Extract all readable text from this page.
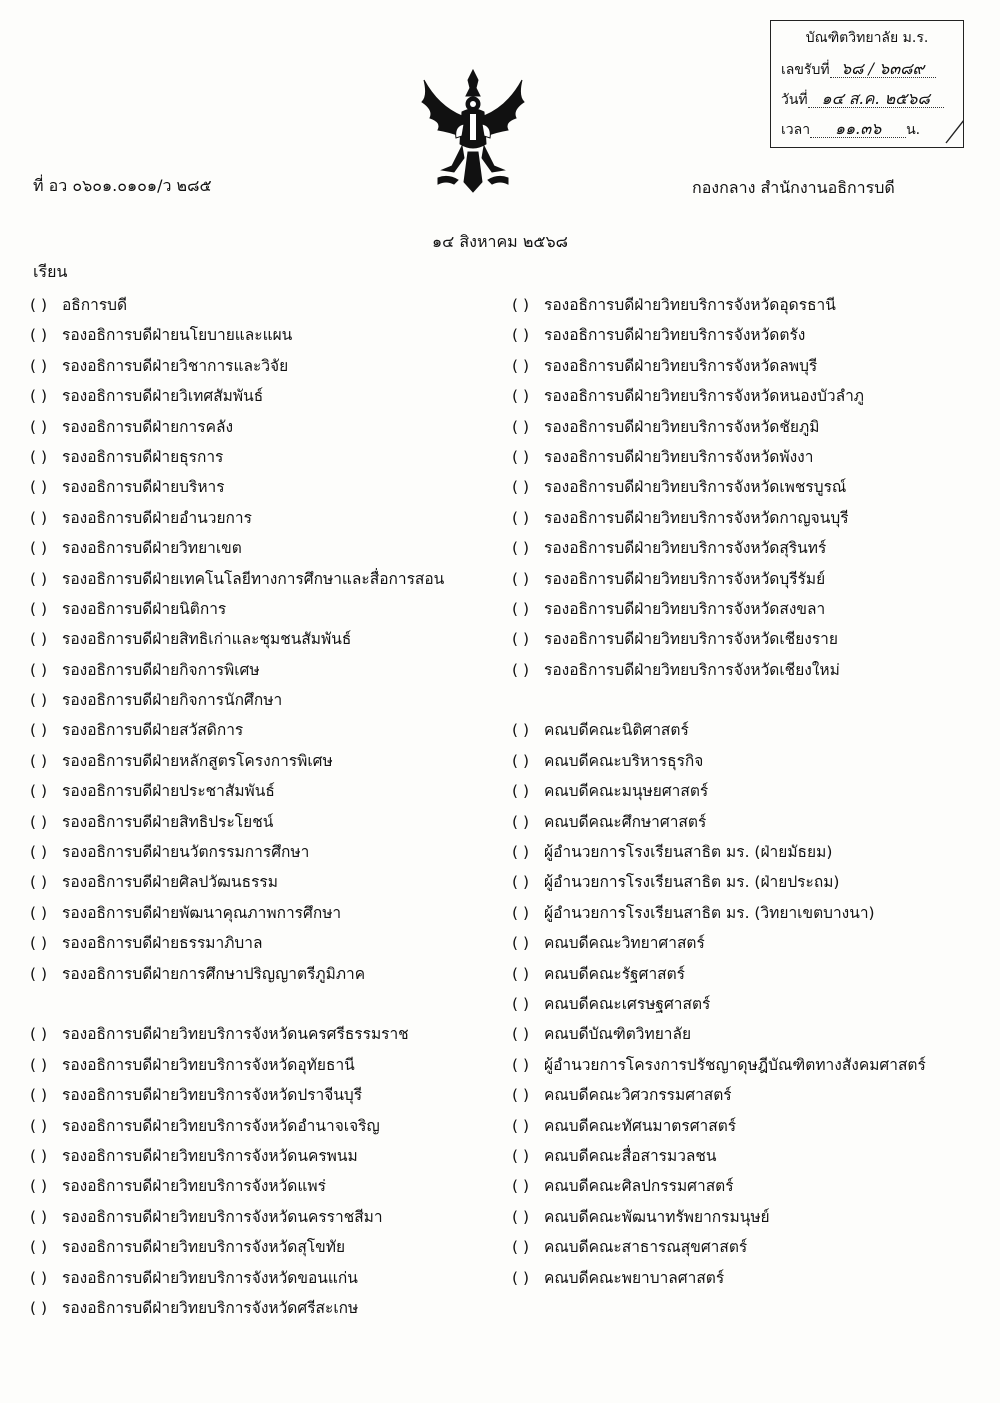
บัณฑิตวิทยาลัย ม.ร.
เลขรับที่ ๖๘ / ๖๓๘๙
วันที่ ๑๔ ส.ค. ๒๕๖๘
เวลา ๑๑.๓๖ น.
ที่ อว ๐๖๐๑.๐๑๐๑/ว ๒๘๕	กองกลาง สำนักงานอธิการบดี
๑๔ สิงหาคม ๒๕๖๘
เรียน
( ) อธิการบดี
( ) รองอธิการบดีฝ่ายนโยบายและแผน
( ) รองอธิการบดีฝ่ายวิชาการและวิจัย
( ) รองอธิการบดีฝ่ายวิเทศสัมพันธ์
( ) รองอธิการบดีฝ่ายการคลัง
( ) รองอธิการบดีฝ่ายธุรการ
( ) รองอธิการบดีฝ่ายบริหาร
( ) รองอธิการบดีฝ่ายอำนวยการ
( ) รองอธิการบดีฝ่ายวิทยาเขต
( ) รองอธิการบดีฝ่ายเทคโนโลยีทางการศึกษาและสื่อการสอน
( ) รองอธิการบดีฝ่ายนิติการ
( ) รองอธิการบดีฝ่ายสิทธิเก่าและชุมชนสัมพันธ์
( ) รองอธิการบดีฝ่ายกิจการพิเศษ
( ) รองอธิการบดีฝ่ายกิจการนักศึกษา
( ) รองอธิการบดีฝ่ายสวัสดิการ
( ) รองอธิการบดีฝ่ายหลักสูตรโครงการพิเศษ
( ) รองอธิการบดีฝ่ายประชาสัมพันธ์
( ) รองอธิการบดีฝ่ายสิทธิประโยชน์
( ) รองอธิการบดีฝ่ายนวัตกรรมการศึกษา
( ) รองอธิการบดีฝ่ายศิลปวัฒนธรรม
( ) รองอธิการบดีฝ่ายพัฒนาคุณภาพการศึกษา
( ) รองอธิการบดีฝ่ายธรรมาภิบาล
( ) รองอธิการบดีฝ่ายการศึกษาปริญญาตรีภูมิภาค
( ) รองอธิการบดีฝ่ายวิทยบริการจังหวัดนครศรีธรรมราช
( ) รองอธิการบดีฝ่ายวิทยบริการจังหวัดอุทัยธานี
( ) รองอธิการบดีฝ่ายวิทยบริการจังหวัดปราจีนบุรี
( ) รองอธิการบดีฝ่ายวิทยบริการจังหวัดอำนาจเจริญ
( ) รองอธิการบดีฝ่ายวิทยบริการจังหวัดนครพนม
( ) รองอธิการบดีฝ่ายวิทยบริการจังหวัดแพร่
( ) รองอธิการบดีฝ่ายวิทยบริการจังหวัดนครราชสีมา
( ) รองอธิการบดีฝ่ายวิทยบริการจังหวัดสุโขทัย
( ) รองอธิการบดีฝ่ายวิทยบริการจังหวัดขอนแก่น
( ) รองอธิการบดีฝ่ายวิทยบริการจังหวัดศรีสะเกษ
( ) รองอธิการบดีฝ่ายวิทยบริการจังหวัดอุดรธานี
( ) รองอธิการบดีฝ่ายวิทยบริการจังหวัดตรัง
( ) รองอธิการบดีฝ่ายวิทยบริการจังหวัดลพบุรี
( ) รองอธิการบดีฝ่ายวิทยบริการจังหวัดหนองบัวลำภู
( ) รองอธิการบดีฝ่ายวิทยบริการจังหวัดชัยภูมิ
( ) รองอธิการบดีฝ่ายวิทยบริการจังหวัดพังงา
( ) รองอธิการบดีฝ่ายวิทยบริการจังหวัดเพชรบูรณ์
( ) รองอธิการบดีฝ่ายวิทยบริการจังหวัดกาญจนบุรี
( ) รองอธิการบดีฝ่ายวิทยบริการจังหวัดสุรินทร์
( ) รองอธิการบดีฝ่ายวิทยบริการจังหวัดบุรีรัมย์
( ) รองอธิการบดีฝ่ายวิทยบริการจังหวัดสงขลา
( ) รองอธิการบดีฝ่ายวิทยบริการจังหวัดเชียงราย
( ) รองอธิการบดีฝ่ายวิทยบริการจังหวัดเชียงใหม่
( ) คณบดีคณะนิติศาสตร์
( ) คณบดีคณะบริหารธุรกิจ
( ) คณบดีคณะมนุษยศาสตร์
( ) คณบดีคณะศึกษาศาสตร์
( ) ผู้อำนวยการโรงเรียนสาธิต มร. (ฝ่ายมัธยม)
( ) ผู้อำนวยการโรงเรียนสาธิต มร. (ฝ่ายประถม)
( ) ผู้อำนวยการโรงเรียนสาธิต มร. (วิทยาเขตบางนา)
( ) คณบดีคณะวิทยาศาสตร์
( ) คณบดีคณะรัฐศาสตร์
( ) คณบดีคณะเศรษฐศาสตร์
( ) คณบดีบัณฑิตวิทยาลัย
( ) ผู้อำนวยการโครงการปรัชญาดุษฎีบัณฑิตทางสังคมศาสตร์
( ) คณบดีคณะวิศวกรรมศาสตร์
( ) คณบดีคณะทัศนมาตรศาสตร์
( ) คณบดีคณะสื่อสารมวลชน
( ) คณบดีคณะศิลปกรรมศาสตร์
( ) คณบดีคณะพัฒนาทรัพยากรมนุษย์
( ) คณบดีคณะสาธารณสุขศาสตร์
( ) คณบดีคณะพยาบาลศาสตร์
